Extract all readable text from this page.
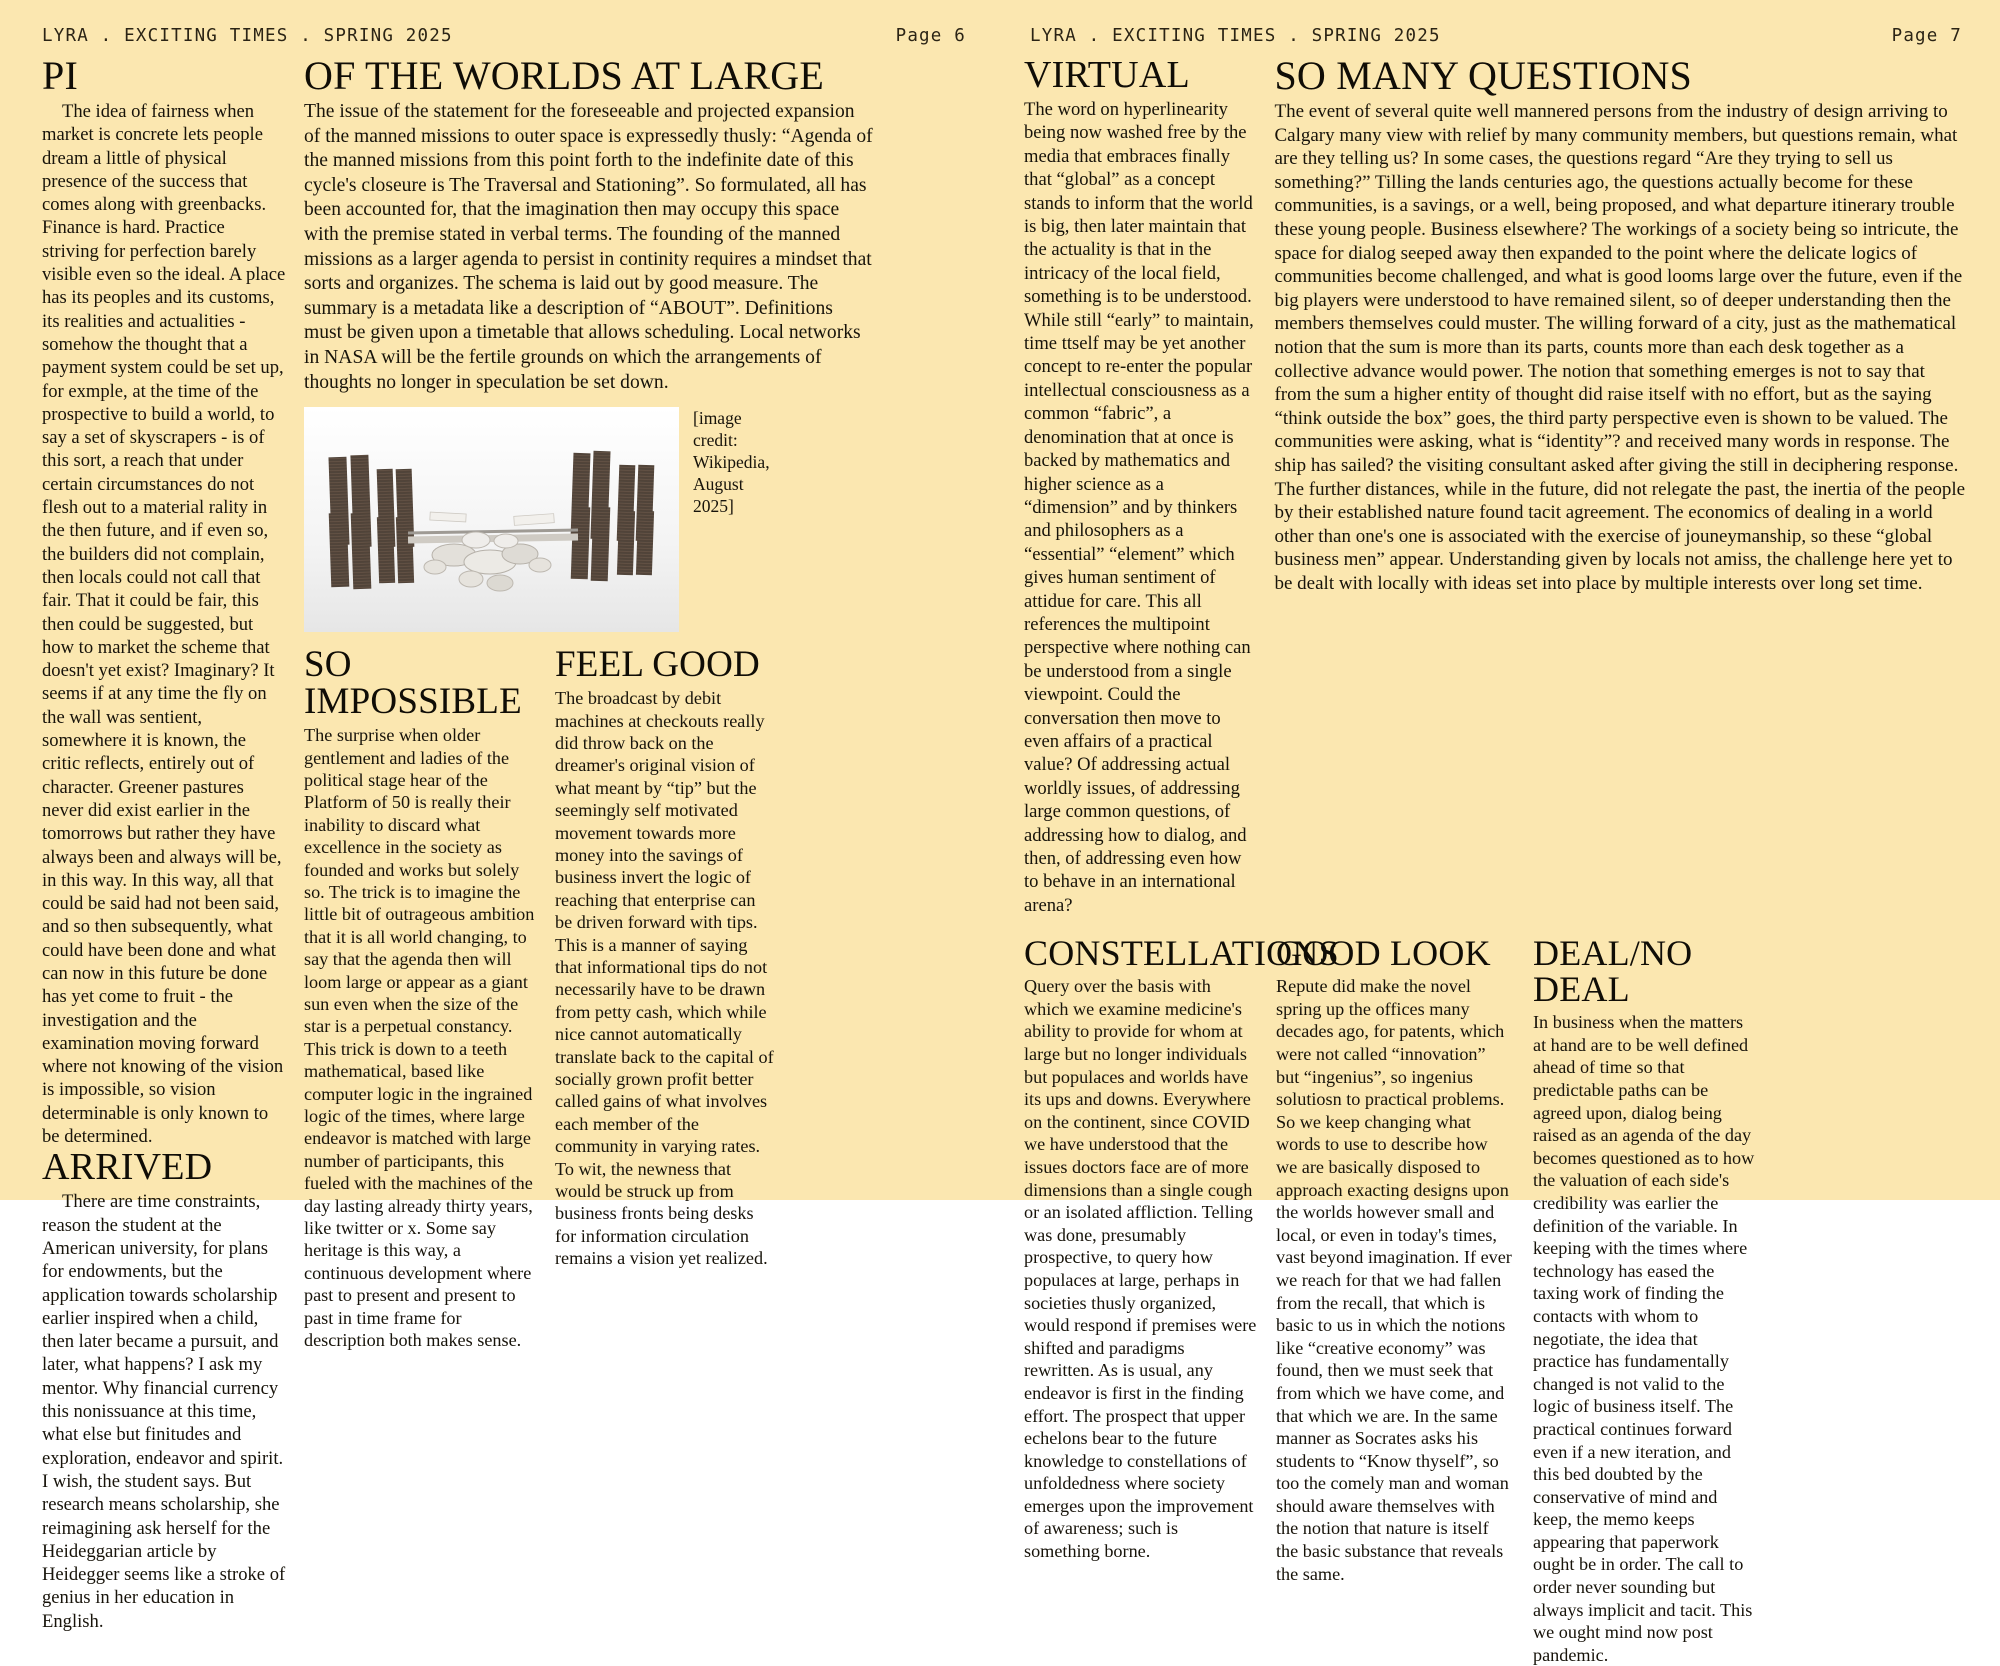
LYRA . EXCITING TIMES . SPRING 2025	Page 6
PI

The idea of fairness when market is concrete lets people dream a little of physical presence of the success that comes along with greenbacks. Finance is hard. Practice striving for perfection barely visible even so the ideal. A place has its peoples and its customs, its realities and actualities - somehow the thought that a payment system could be set up, for exmple, at the time of the prospective to build a world, to say a set of skyscrapers - is of this sort, a reach that under certain circumstances do not flesh out to a material rality in the then future, and if even so, the builders did not complain, then locals could not call that fair. That it could be fair, this then could be suggested, but how to market the scheme that doesn't yet exist? Imaginary? It seems if at any time the fly on the wall was sentient, somewhere it is known, the critic reflects, entirely out of character. Greener pastures never did exist earlier in the tomorrows but rather they have always been and always will be, in this way. In this way, all that could be said had not been said, and so then subsequently, what could have been done and what can now in this future be done has yet come to fruit - the investigation and the examination moving forward where not knowing of the vision is impossible, so vision determinable is only known to be determined.

ARRIVED

There are time constraints, reason the student at the American university, for plans for endowments, but the application towards scholarship earlier inspired when a child, then later became a pursuit, and later, what happens? I ask my mentor. Why financial currency this nonissuance at this time, what else but finitudes and exploration, endeavor and spirit. I wish, the student says. But research means scholarship, she reimagining ask herself for the Heideggarian article by Heidegger seems like a stroke of genius in her education in English.

OF THE WORLDS AT LARGE

The issue of the statement for the foreseeable and projected expansion of the manned missions to outer space is expressedly thusly: “Agenda of the manned missions from this point forth to the indefinite date of this cycle's closeure is The Traversal and Stationing”. So formulated, all has been accounted for, that the imagination then may occupy this space with the premise stated in verbal terms. The founding of the manned missions as a larger agenda to persist in continity requires a mindset that sorts and organizes. The schema is laid out by good measure. The summary is a metadata like a description of “ABOUT”. Definitions must be given upon a timetable that allows scheduling. Local networks in NASA will be the fertile grounds on which the arrangements of thoughts no longer in speculation be set down.

[image credit: Wikipedia, August 2025]
SO IMPOSSIBLE

The surprise when older gentlement and ladies of the political stage hear of the Platform of 50 is really their inability to discard what excellence in the society as founded and works but solely so. The trick is to imagine the little bit of outrageous ambition that it is all world changing, to say that the agenda then will loom large or appear as a giant sun even when the size of the star is a perpetual constancy. This trick is down to a teeth mathematical, based like computer logic in the ingrained logic of the times, where large endeavor is matched with large number of participants, this fueled with the machines of the day lasting already thirty years, like twitter or x. Some say heritage is this way, a continuous development where past to present and present to past in time frame for description both makes sense.

FEEL GOOD

The broadcast by debit machines at checkouts really did throw back on the dreamer's original vision of what meant by “tip” but the seemingly self motivated movement towards more money into the savings of business invert the logic of reaching that enterprise can be driven forward with tips. This is a manner of saying that informational tips do not necessarily have to be drawn from petty cash, which while nice cannot automatically translate back to the capital of socially grown profit better called gains of what involves each member of the community in varying rates. To wit, the newness that would be struck up from business fronts being desks for information circulation remains a vision yet realized.

LYRA . EXCITING TIMES . SPRING 2025	Page 7
VIRTUAL

The word on hyperlinearity being now washed free by the media that embraces finally that “global” as a concept stands to inform that the world is big, then later maintain that the actuality is that in the intricacy of the local field, something is to be understood. While still “early” to maintain, time ttself may be yet another concept to re-enter the popular intellectual consciousness as a common “fabric”, a denomination that at once is backed by mathematics and higher science as a “dimension” and by thinkers and philosophers as a “essential” “element” which gives human sentiment of attidue for care. This all references the multipoint perspective where nothing can be understood from a single viewpoint. Could the conversation then move to even affairs of a practical value? Of addressing actual worldly issues, of addressing large common questions, of addressing how to dialog, and then, of addressing even how to behave in an international arena?

SO MANY QUESTIONS

The event of several quite well mannered persons from the industry of design arriving to Calgary many view with relief by many community members, but questions remain, what are they telling us? In some cases, the questions regard “Are they trying to sell us something?” Tilling the lands centuries ago, the questions actually become for these communities, is a savings, or a well, being proposed, and what departure itinerary trouble these young people. Business elsewhere? The workings of a society being so intricute, the space for dialog seeped away then expanded to the point where the delicate logics of communities become challenged, and what is good looms large over the future, even if the big players were understood to have remained silent, so of deeper understanding then the members themselves could muster. The willing forward of a city, just as the mathematical notion that the sum is more than its parts, counts more than each desk together as a collective advance would power. The notion that something emerges is not to say that from the sum a higher entity of thought did raise itself with no effort, but as the saying “think outside the box” goes, the third party perspective even is shown to be valued. The communities were asking, what is “identity”? and received many words in response. The ship has sailed? the visiting consultant asked after giving the still in deciphering response. The further distances, while in the future, did not relegate the past, the inertia of the people by their established nature found tacit agreement. The economics of dealing in a world other than one's one is associated with the exercise of jouneymanship, so these “global business men” appear. Understanding given by locals not amiss, the challenge here yet to be dealt with locally with ideas set into place by multiple interests over long set time.

CONSTELLATIONS

Query over the basis with which we examine medicine's ability to provide for whom at large but no longer individuals but populaces and worlds have its ups and downs. Everywhere on the continent, since COVID we have understood that the issues doctors face are of more dimensions than a single cough or an isolated affliction. Telling was done, presumably prospective, to query how populaces at large, perhaps in societies thusly organized, would respond if premises were shifted and paradigms rewritten. As is usual, any endeavor is first in the finding effort. The prospect that upper echelons bear to the future knowledge to constellations of unfoldedness where society emerges upon the improvement of awareness; such is something borne.

GOOD LOOK

Repute did make the novel spring up the offices many decades ago, for patents, which were not called “innovation” but “ingenius”, so ingenius solutiosn to practical problems. So we keep changing what words to use to describe how we are basically disposed to approach exacting designs upon the worlds however small and local, or even in today's times, vast beyond imagination. If ever we reach for that we had fallen from the recall, that which is basic to us in which the notions like “creative economy” was found, then we must seek that from which we have come, and that which we are. In the same manner as Socrates asks his students to “Know thyself”, so too the comely man and woman should aware themselves with the notion that nature is itself the basic substance that reveals the same.

DEAL/NO DEAL

In business when the matters at hand are to be well defined ahead of time so that predictable paths can be agreed upon, dialog being raised as an agenda of the day becomes questioned as to how the valuation of each side's credibility was earlier the definition of the variable. In keeping with the times where technology has eased the taxing work of finding the contacts with whom to negotiate, the idea that practice has fundamentally changed is not valid to the logic of business itself. The practical continues forward even if a new iteration, and this bed doubted by the conservative of mind and keep, the memo keeps appearing that paperwork ought be in order. The call to order never sounding but always implicit and tacit. This we ought mind now post pandemic.
